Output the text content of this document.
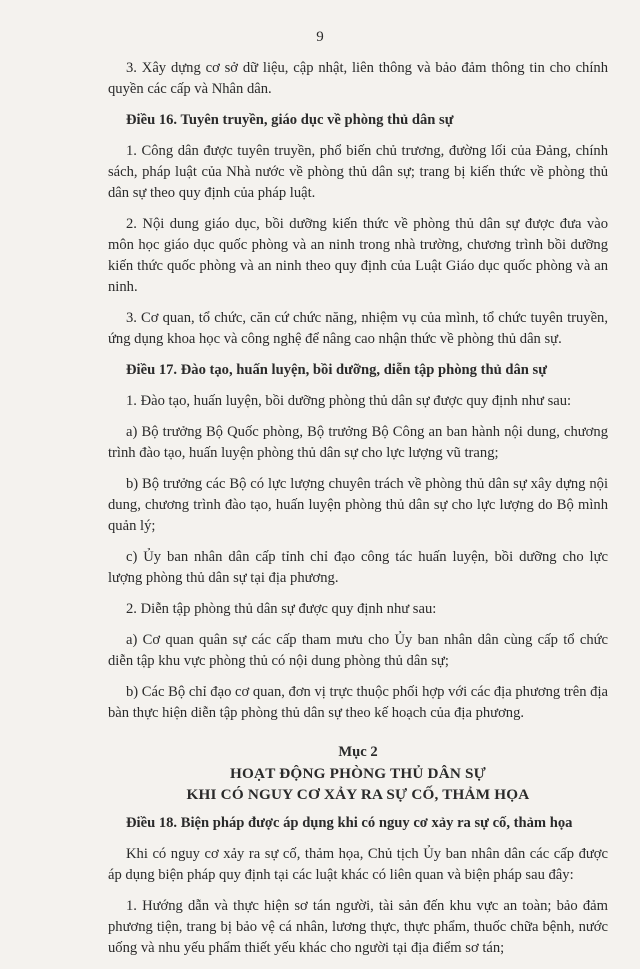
9

3. Xây dựng cơ sở dữ liệu, cập nhật, liên thông và bảo đảm thông tin cho chính quyền các cấp và Nhân dân.

Điều 16. Tuyên truyền, giáo dục về phòng thủ dân sự

1. Công dân được tuyên truyền, phổ biến chủ trương, đường lối của Đảng, chính sách, pháp luật của Nhà nước về phòng thủ dân sự; trang bị kiến thức về phòng thủ dân sự theo quy định của pháp luật.

2. Nội dung giáo dục, bồi dưỡng kiến thức về phòng thủ dân sự được đưa vào môn học giáo dục quốc phòng và an ninh trong nhà trường, chương trình bồi dưỡng kiến thức quốc phòng và an ninh theo quy định của Luật Giáo dục quốc phòng và an ninh.

3. Cơ quan, tổ chức, căn cứ chức năng, nhiệm vụ của mình, tổ chức tuyên truyền, ứng dụng khoa học và công nghệ để nâng cao nhận thức về phòng thủ dân sự.

Điều 17. Đào tạo, huấn luyện, bồi dưỡng, diễn tập phòng thủ dân sự

1. Đào tạo, huấn luyện, bồi dưỡng phòng thủ dân sự được quy định như sau:

a) Bộ trưởng Bộ Quốc phòng, Bộ trưởng Bộ Công an ban hành nội dung, chương trình đào tạo, huấn luyện phòng thủ dân sự cho lực lượng vũ trang;

b) Bộ trưởng các Bộ có lực lượng chuyên trách về phòng thủ dân sự xây dựng nội dung, chương trình đào tạo, huấn luyện phòng thủ dân sự cho lực lượng do Bộ mình quản lý;

c) Ủy ban nhân dân cấp tỉnh chỉ đạo công tác huấn luyện, bồi dưỡng cho lực lượng phòng thủ dân sự tại địa phương.

2. Diễn tập phòng thủ dân sự được quy định như sau:

a) Cơ quan quân sự các cấp tham mưu cho Ủy ban nhân dân cùng cấp tổ chức diễn tập khu vực phòng thủ có nội dung phòng thủ dân sự;

b) Các Bộ chỉ đạo cơ quan, đơn vị trực thuộc phối hợp với các địa phương trên địa bàn thực hiện diễn tập phòng thủ dân sự theo kế hoạch của địa phương.

Mục 2
HOẠT ĐỘNG PHÒNG THỦ DÂN SỰ
KHI CÓ NGUY CƠ XẢY RA SỰ CỐ, THẢM HỌA
Điều 18. Biện pháp được áp dụng khi có nguy cơ xảy ra sự cố, thảm họa

Khi có nguy cơ xảy ra sự cố, thảm họa, Chủ tịch Ủy ban nhân dân các cấp được áp dụng biện pháp quy định tại các luật khác có liên quan và biện pháp sau đây:

1. Hướng dẫn và thực hiện sơ tán người, tài sản đến khu vực an toàn; bảo đảm phương tiện, trang bị bảo vệ cá nhân, lương thực, thực phẩm, thuốc chữa bệnh, nước uống và nhu yếu phẩm thiết yếu khác cho người tại địa điểm sơ tán;
